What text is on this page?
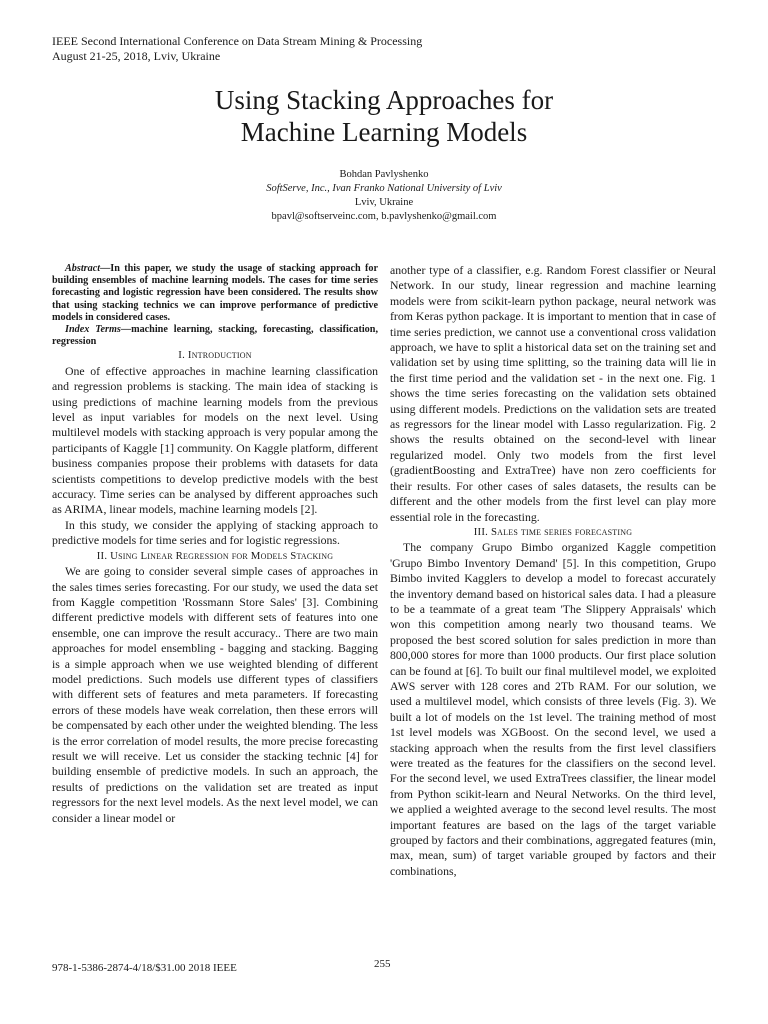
IEEE Second International Conference on Data Stream Mining & Processing
August 21-25, 2018, Lviv, Ukraine
Using Stacking Approaches for
Machine Learning Models
Bohdan Pavlyshenko
SoftServe, Inc., Ivan Franko National University of Lviv
Lviv, Ukraine
bpavl@softserveinc.com, b.pavlyshenko@gmail.com

Abstract—In this paper, we study the usage of stacking approach for building ensembles of machine learning models. The cases for time series forecasting and logistic regression have been considered. The results show that using stacking technics we can improve performance of predictive models in considered cases.

Index Terms—machine learning, stacking, forecasting, classification, regression

I. Introduction

One of effective approaches in machine learning classification and regression problems is stacking. The main idea of stacking is using predictions of machine learning models from the previous level as input variables for models on the next level. Using multilevel models with stacking approach is very popular among the participants of Kaggle [1] community. On Kaggle platform, different business companies propose their problems with datasets for data scientists competitions to develop predictive models with the best accuracy. Time series can be analysed by different approaches such as ARIMA, linear models, machine learning models [2].

In this study, we consider the applying of stacking approach to predictive models for time series and for logistic regressions.

II. Using Linear Regression for Models Stacking

We are going to consider several simple cases of approaches in the sales times series forecasting. For our study, we used the data set from Kaggle competition 'Rossmann Store Sales' [3]. Combining different predictive models with different sets of features into one ensemble, one can improve the result accuracy.. There are two main approaches for model ensembling - bagging and stacking. Bagging is a simple approach when we use weighted blending of different model predictions. Such models use different types of classifiers with different sets of features and meta parameters. If forecasting errors of these models have weak correlation, then these errors will be compensated by each other under the weighted blending. The less is the error correlation of model results, the more precise forecasting result we will receive. Let us consider the stacking technic [4] for building ensemble of predictive models. In such an approach, the results of predictions on the validation set are treated as input regressors for the next level models. As the next level model, we can consider a linear model or

another type of a classifier, e.g. Random Forest classifier or Neural Network. In our study, linear regression and machine learning models were from scikit-learn python package, neural network was from Keras python package. It is important to mention that in case of time series prediction, we cannot use a conventional cross validation approach, we have to split a historical data set on the training set and validation set by using time splitting, so the training data will lie in the first time period and the validation set - in the next one. Fig. 1 shows the time series forecasting on the validation sets obtained using different models. Predictions on the validation sets are treated as regressors for the linear model with Lasso regularization. Fig. 2 shows the results obtained on the second-level with linear regularized model. Only two models from the first level (gradientBoosting and ExtraTree) have non zero coefficients for their results. For other cases of sales datasets, the results can be different and the other models from the first level can play more essential role in the forecasting.

III. Sales time series forecasting

The company Grupo Bimbo organized Kaggle competition 'Grupo Bimbo Inventory Demand' [5]. In this competition, Grupo Bimbo invited Kagglers to develop a model to forecast accurately the inventory demand based on historical sales data. I had a pleasure to be a teammate of a great team 'The Slippery Appraisals' which won this competition among nearly two thousand teams. We proposed the best scored solution for sales prediction in more than 800,000 stores for more than 1000 products. Our first place solution can be found at [6]. To built our final multilevel model, we exploited AWS server with 128 cores and 2Tb RAM. For our solution, we used a multilevel model, which consists of three levels (Fig. 3). We built a lot of models on the 1st level. The training method of most 1st level models was XGBoost. On the second level, we used a stacking approach when the results from the first level classifiers were treated as the features for the classifiers on the second level. For the second level, we used ExtraTrees classifier, the linear model from Python scikit-learn and Neural Networks. On the third level, we applied a weighted average to the second level results. The most important features are based on the lags of the target variable grouped by factors and their combinations, aggregated features (min, max, mean, sum) of target variable grouped by factors and their combinations,

978-1-5386-2874-4/18/$31.00 2018 IEEE	255
